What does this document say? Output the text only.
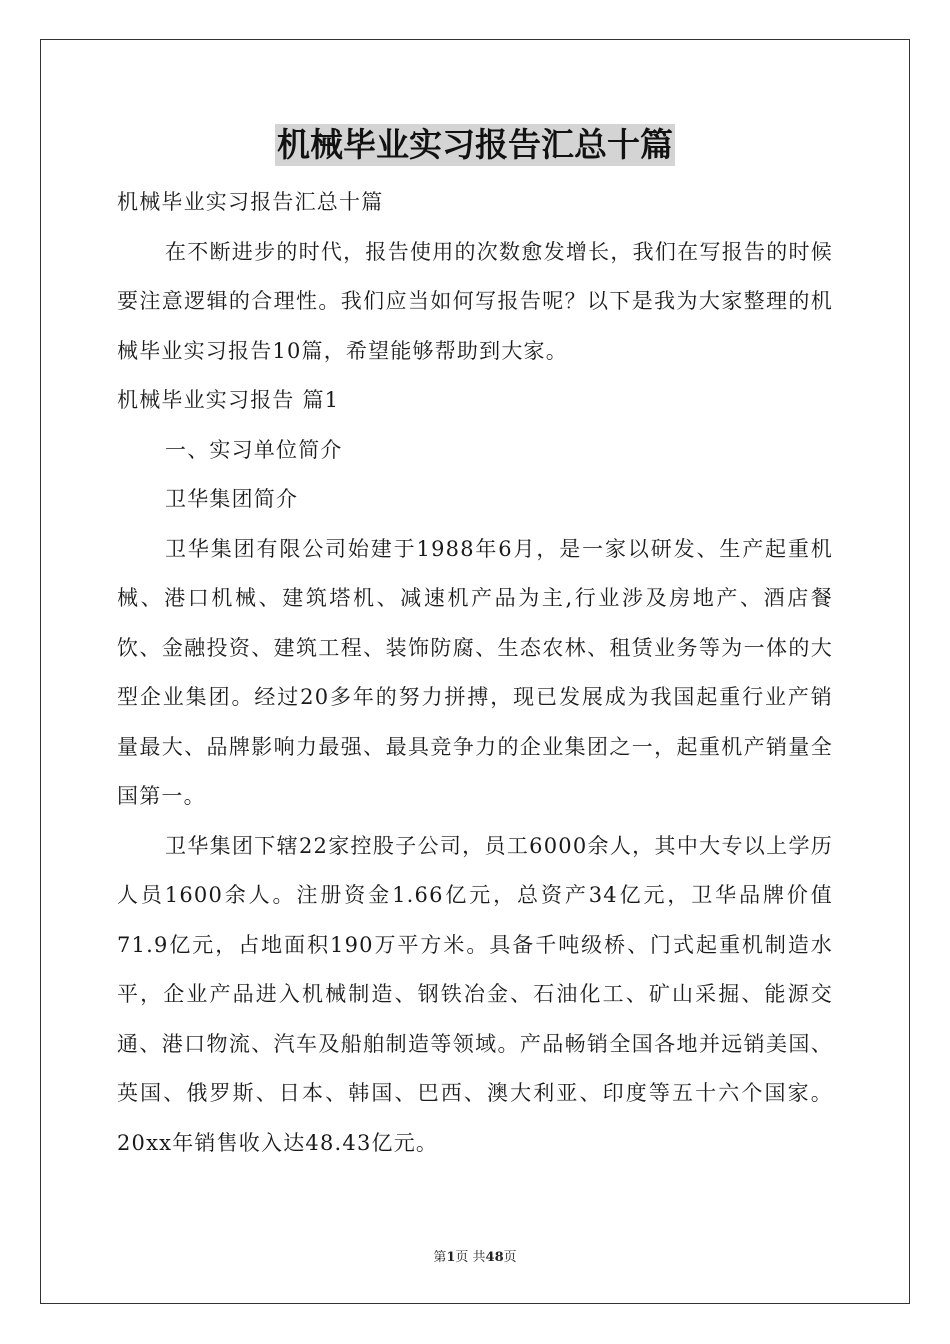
机械毕业实习报告汇总十篇

机械毕业实习报告汇总十篇

在不断进步的时代，报告使用的次数愈发增长，我们在写报告的时候要注意逻辑的合理性。我们应当如何写报告呢？以下是我为大家整理的机械毕业实习报告10篇，希望能够帮助到大家。

机械毕业实习报告 篇1

一、实习单位简介

卫华集团简介

卫华集团有限公司始建于1988年6月，是一家以研发、生产起重机械、港口机械、建筑塔机、减速机产品为主,行业涉及房地产、酒店餐饮、金融投资、建筑工程、装饰防腐、生态农林、租赁业务等为一体的大型企业集团。经过20多年的努力拼搏，现已发展成为我国起重行业产销量最大、品牌影响力最强、最具竞争力的企业集团之一，起重机产销量全国第一。

卫华集团下辖22家控股子公司，员工6000余人，其中大专以上学历人员1600余人。注册资金1.66亿元，总资产34亿元，卫华品牌价值71.9亿元，占地面积190万平方米。具备千吨级桥、门式起重机制造水平，企业产品进入机械制造、钢铁冶金、石油化工、矿山采掘、能源交通、港口物流、汽车及船舶制造等领域。产品畅销全国各地并远销美国、英国、俄罗斯、日本、韩国、巴西、澳大利亚、印度等五十六个国家。20xx年销售收入达48.43亿元。

第1页 共48页
